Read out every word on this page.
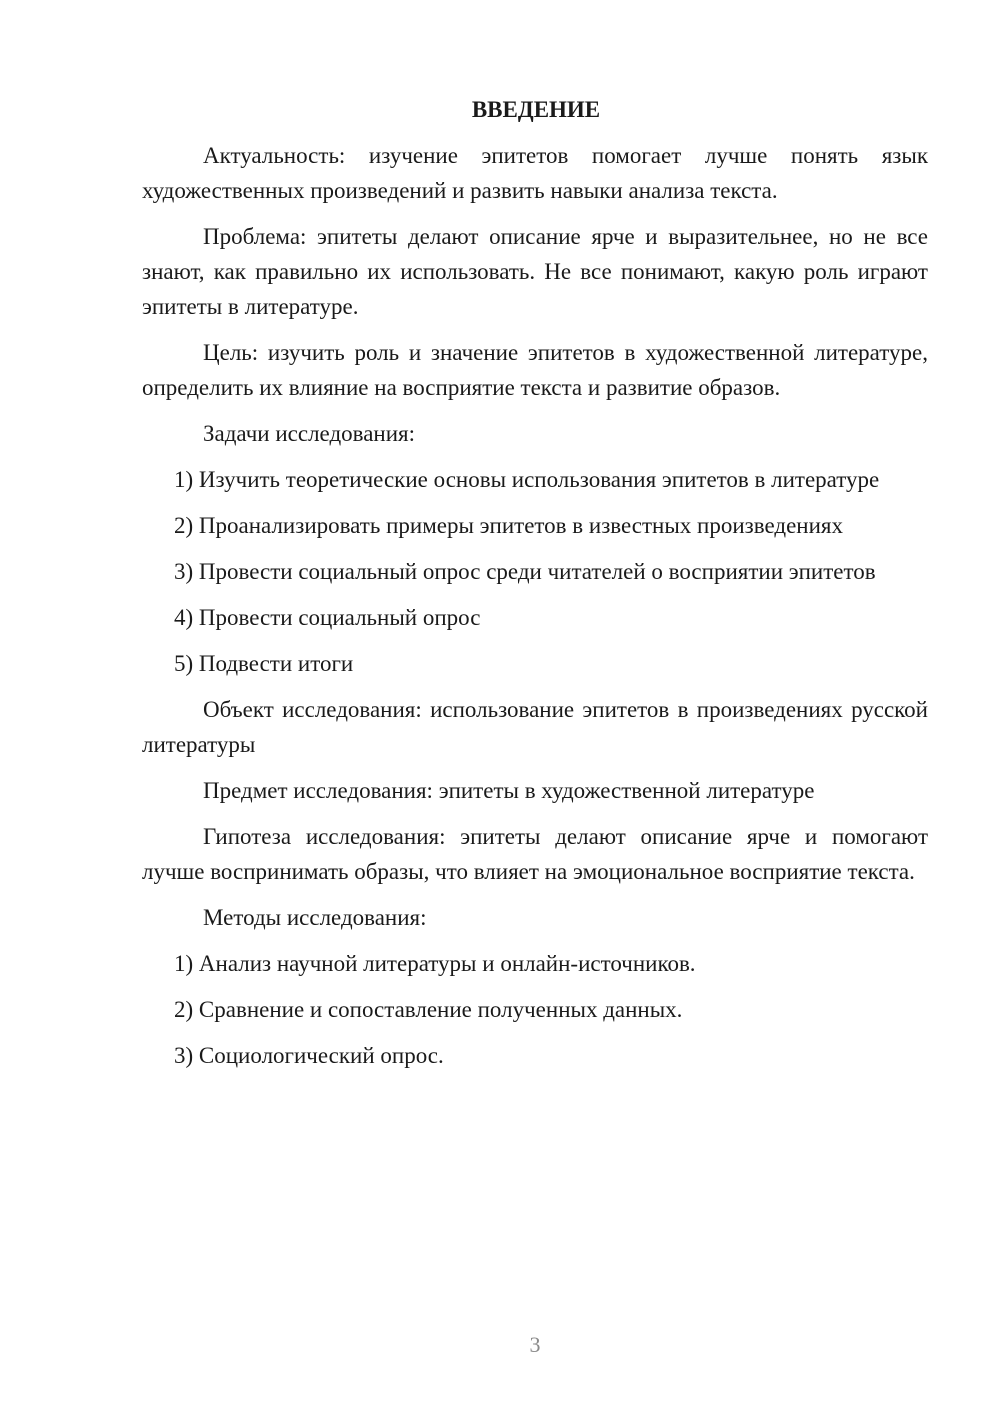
ВВЕДЕНИЕ

Актуальность: изучение эпитетов помогает лучше понять язык художественных произведений и развить навыки анализа текста.

Проблема: эпитеты делают описание ярче и выразительнее, но не все знают, как правильно их использовать. Не все понимают, какую роль играют эпитеты в литературе.

Цель: изучить роль и значение эпитетов в художественной литературе, определить их влияние на восприятие текста и развитие образов.

Задачи исследования:

1) Изучить теоретические основы использования эпитетов в литературе

2) Проанализировать примеры эпитетов в известных произведениях

3) Провести социальный опрос среди читателей о восприятии эпитетов

4) Провести социальный опрос

5) Подвести итоги

Объект исследования: использование эпитетов в произведениях русской литературы

Предмет исследования: эпитеты в художественной литературе

Гипотеза исследования: эпитеты делают описание ярче и помогают лучше воспринимать образы, что влияет на эмоциональное восприятие текста.

Методы исследования:

1) Анализ научной литературы и онлайн-источников.

2) Сравнение и сопоставление полученных данных.

3) Социологический опрос.

3
